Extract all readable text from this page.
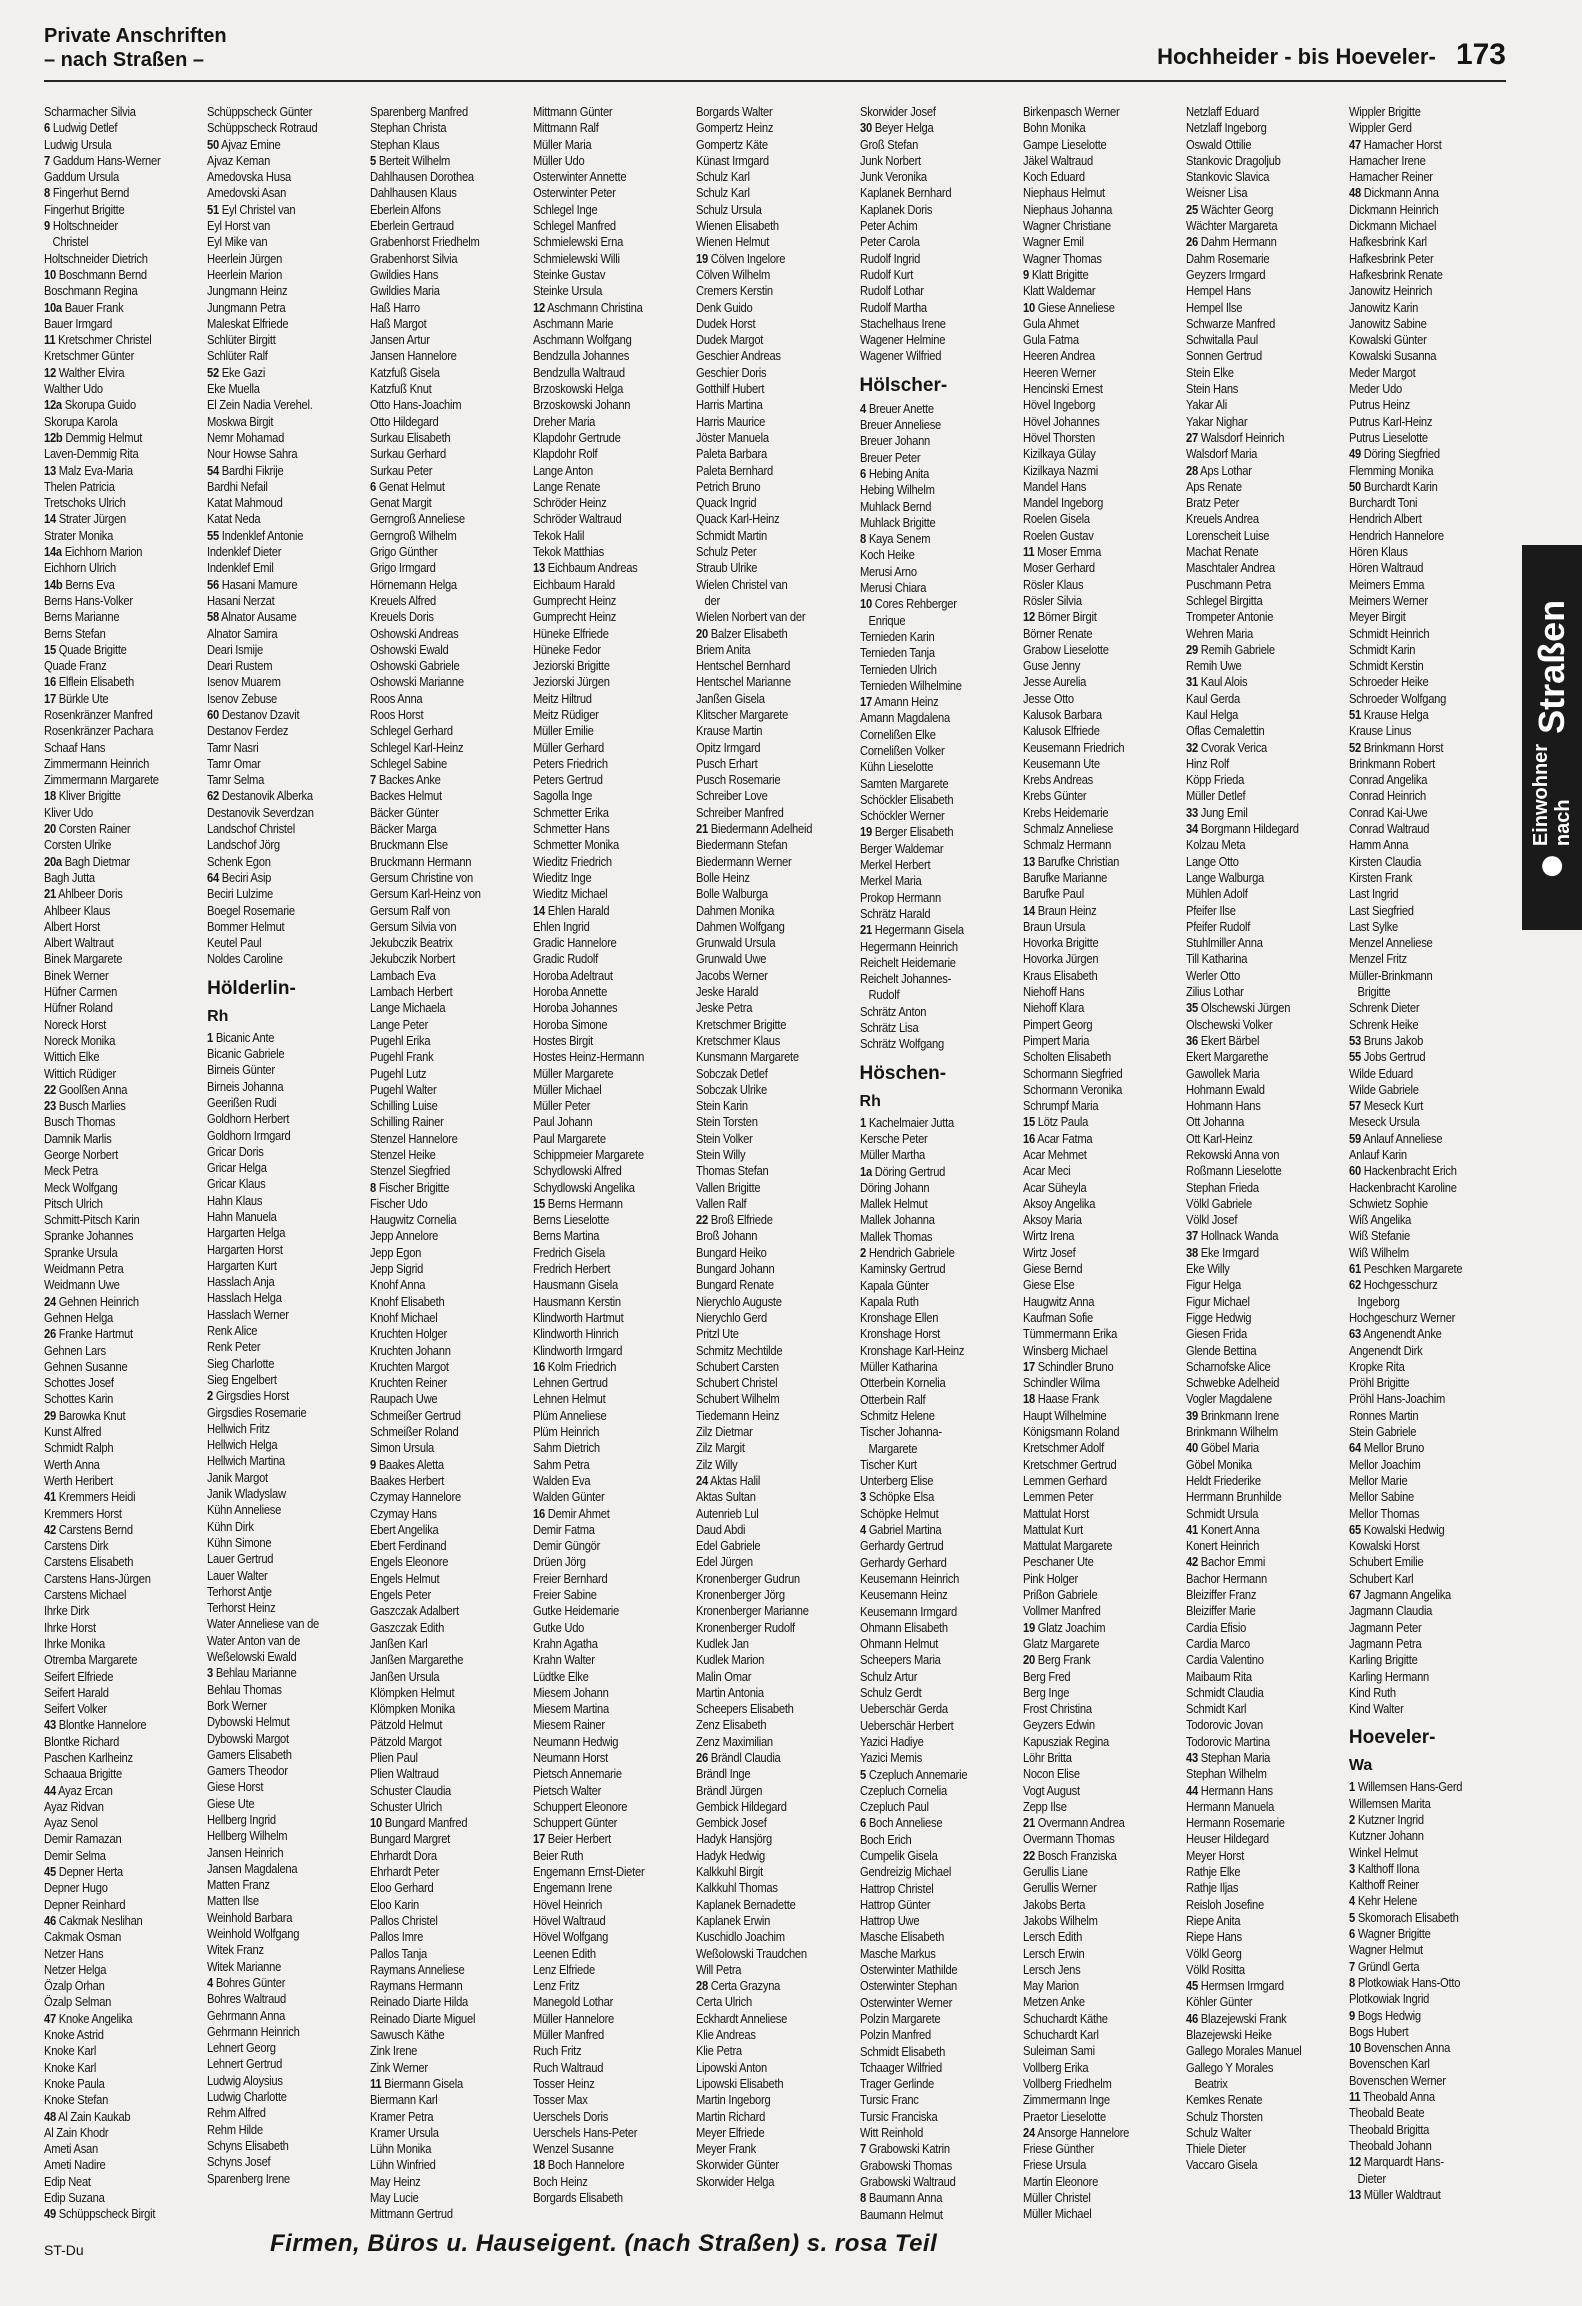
Private Anschriften
– nach Straßen –	Hochheider - bis Hoeveler- 173
Scharmacher Silvia
6 Ludwig Detlef
Ludwig Ursula
7 Gaddum Hans-Werner
Gaddum Ursula
8 Fingerhut Bernd
Fingerhut Brigitte
9 Holtschneider
Christel
Holtschneider Dietrich
10 Boschmann Bernd
Boschmann Regina
10a Bauer Frank
Bauer Irmgard
11 Kretschmer Christel
Kretschmer Günter
12 Walther Elvira
Walther Udo
12a Skorupa Guido
Skorupa Karola
12b Demmig Helmut
Laven-Demmig Rita
13 Malz Eva-Maria
Thelen Patricia
Tretschoks Ulrich
14 Strater Jürgen
Strater Monika
14a Eichhorn Marion
Eichhorn Ulrich
14b Berns Eva
Berns Hans-Volker
Berns Marianne
Berns Stefan
15 Quade Brigitte
Quade Franz
16 Elflein Elisabeth
17 Bürkle Ute
Rosenkränzer Manfred
Rosenkränzer Pachara
Schaaf Hans
Zimmermann Heinrich
Zimmermann Margarete
18 Kliver Brigitte
Kliver Udo
20 Corsten Rainer
Corsten Ulrike
20a Bagh Dietmar
Bagh Jutta
21 Ahlbeer Doris
Ahlbeer Klaus
Albert Horst
Albert Waltraut
Binek Margarete
Binek Werner
Hüfner Carmen
Hüfner Roland
Noreck Horst
Noreck Monika
Wittich Elke
Wittich Rüdiger
22 Goolßen Anna
23 Busch Marlies
Busch Thomas
Damnik Marlis
George Norbert
Meck Petra
Meck Wolfgang
Pitsch Ulrich
Schmitt-Pitsch Karin
Spranke Johannes
Spranke Ursula
Weidmann Petra
Weidmann Uwe
24 Gehnen Heinrich
Gehnen Helga
26 Franke Hartmut
Gehnen Lars
Gehnen Susanne
Schottes Josef
Schottes Karin
29 Barowka Knut
Kunst Alfred
Schmidt Ralph
Werth Anna
Werth Heribert
41 Kremmers Heidi
Kremmers Horst
42 Carstens Bernd
Carstens Dirk
Carstens Elisabeth
Carstens Hans-Jürgen
Carstens Michael
Ihrke Dirk
Ihrke Horst
Ihrke Monika
Otremba Margarete
Seifert Elfriede
Seifert Harald
Seifert Volker
43 Blontke Hannelore
Blontke Richard
Paschen Karlheinz
Schaaua Brigitte
44 Ayaz Ercan
Ayaz Ridvan
Ayaz Senol
Demir Ramazan
Demir Selma
45 Depner Herta
Depner Hugo
Depner Reinhard
46 Cakmak Neslihan
Cakmak Osman
Netzer Hans
Netzer Helga
Özalp Orhan
Özalp Selman
47 Knoke Angelika
Knoke Astrid
Knoke Karl
Knoke Karl
Knoke Paula
Knoke Stefan
48 Al Zain Kaukab
Al Zain Khodr
Ameti Asan
Ameti Nadire
Edip Neat
Edip Suzana
49 Schüppscheck Birgit
Schüppscheck Günter
Schüppscheck Rotraud
50 Ajvaz Emine
Ajvaz Keman
Amedovska Husa
Amedovski Asan
51 Eyl Christel van
Eyl Horst van
Eyl Mike van
Heerlein Jürgen
Heerlein Marion
Jungmann Heinz
Jungmann Petra
Maleskat Elfriede
Schlüter Birgitt
Schlüter Ralf
52 Eke Gazi
Eke Muella
El Zein Nadia Verehel.
Moskwa Birgit
Nemr Mohamad
Nour Howse Sahra
54 Bardhi Fikrije
Bardhi Nefail
Katat Mahmoud
Katat Neda
55 Indenklef Antonie
Indenklef Dieter
Indenklef Emil
56 Hasani Mamure
Hasani Nerzat
58 Alnator Ausame
Alnator Samira
Deari Ismije
Deari Rustem
Isenov Muarem
Isenov Zebuse
60 Destanov Dzavit
Destanov Ferdez
Tamr Nasri
Tamr Omar
Tamr Selma
62 Destanovik Alberka
Destanovik Severdzan
Landschof Christel
Landschof Jörg
Schenk Egon
64 Beciri Asip
Beciri Lulzime
Boegel Rosemarie
Bommer Helmut
Keutel Paul
Noldes Caroline
Hölderlin-
Rh
1 Bicanic Ante
Bicanic Gabriele
Birneis Günter
Birneis Johanna
Geerißen Rudi
Goldhorn Herbert
Goldhorn Irmgard
Gricar Doris
Gricar Helga
Gricar Klaus
Hahn Klaus
Hahn Manuela
Hargarten Helga
Hargarten Horst
Hargarten Kurt
Hasslach Anja
Hasslach Helga
Hasslach Werner
Renk Alice
Renk Peter
Sieg Charlotte
Sieg Engelbert
2 Girgsdies Horst
Girgsdies Rosemarie
Hellwich Fritz
Hellwich Helga
Hellwich Martina
Janik Margot
Janik Wladyslaw
Kühn Anneliese
Kühn Dirk
Kühn Simone
Lauer Gertrud
Lauer Walter
Terhorst Antje
Terhorst Heinz
Water Anneliese van de
Water Anton van de
Weßelowski Ewald
3 Behlau Marianne
Behlau Thomas
Bork Werner
Dybowski Helmut
Dybowski Margot
Gamers Elisabeth
Gamers Theodor
Giese Horst
Giese Ute
Hellberg Ingrid
Hellberg Wilhelm
Jansen Heinrich
Jansen Magdalena
Matten Franz
Matten Ilse
Weinhold Barbara
Weinhold Wolfgang
Witek Franz
Witek Marianne
4 Bohres Günter
Bohres Waltraud
Gehrmann Anna
Gehrmann Heinrich
Lehnert Georg
Lehnert Gertrud
Ludwig Aloysius
Ludwig Charlotte
Rehm Alfred
Rehm Hilde
Schyns Elisabeth
Schyns Josef
Sparenberg Irene
Sparenberg Manfred
Stephan Christa
Stephan Klaus
5 Berteit Wilhelm
Dahlhausen Dorothea
Dahlhausen Klaus
Eberlein Alfons
Eberlein Gertraud
Grabenhorst Friedhelm
Grabenhorst Silvia
Gwildies Hans
Gwildies Maria
Haß Harro
Haß Margot
Jansen Artur
Jansen Hannelore
Katzfuß Gisela
Katzfuß Knut
Otto Hans-Joachim
Otto Hildegard
Surkau Elisabeth
Surkau Gerhard
Surkau Peter
6 Genat Helmut
Genat Margit
Gerngroß Anneliese
Gerngroß Wilhelm
Grigo Günther
Grigo Irmgard
Hörnemann Helga
Kreuels Alfred
Kreuels Doris
Oshowski Andreas
Oshowski Ewald
Oshowski Gabriele
Oshowski Marianne
Roos Anna
Roos Horst
Schlegel Gerhard
Schlegel Karl-Heinz
Schlegel Sabine
7 Backes Anke
Backes Helmut
Bäcker Günter
Bäcker Marga
Bruckmann Else
Bruckmann Hermann
Gersum Christine von
Gersum Karl-Heinz von
Gersum Ralf von
Gersum Silvia von
Jekubczik Beatrix
Jekubczik Norbert
Lambach Eva
Lambach Herbert
Lange Michaela
Lange Peter
Pugehl Erika
Pugehl Frank
Pugehl Lutz
Pugehl Walter
Schilling Luise
Schilling Rainer
Stenzel Hannelore
Stenzel Heike
Stenzel Siegfried
8 Fischer Brigitte
Fischer Udo
Haugwitz Cornelia
Jepp Annelore
Jepp Egon
Jepp Sigrid
Knohf Anna
Knohf Elisabeth
Knohf Michael
Kruchten Holger
Kruchten Johann
Kruchten Margot
Kruchten Reiner
Raupach Uwe
Schmeißer Gertrud
Schmeißer Roland
Simon Ursula
9 Baakes Aletta
Baakes Herbert
Czymay Hannelore
Czymay Hans
Ebert Angelika
Ebert Ferdinand
Engels Eleonore
Engels Helmut
Engels Peter
Gaszczak Adalbert
Gaszczak Edith
Janßen Karl
Janßen Margarethe
Janßen Ursula
Klömpken Helmut
Klömpken Monika
Pätzold Helmut
Pätzold Margot
Plien Paul
Plien Waltraud
Schuster Claudia
Schuster Ulrich
10 Bungard Manfred
Bungard Margret
Ehrhardt Dora
Ehrhardt Peter
Eloo Gerhard
Eloo Karin
Pallos Christel
Pallos Imre
Pallos Tanja
Raymans Anneliese
Raymans Hermann
Reinado Diarte Hilda
Reinado Diarte Miguel
Sawusch Käthe
Zink Irene
Zink Werner
11 Biermann Gisela
Biermann Karl
Kramer Petra
Kramer Ursula
Lühn Monika
Lühn Winfried
May Heinz
May Lucie
Mittmann Gertrud
Mittmann Günter
Mittmann Ralf
Müller Maria
Müller Udo
Osterwinter Annette
Osterwinter Peter
Schlegel Inge
Schlegel Manfred
Schmielewski Erna
Schmielewski Willi
Steinke Gustav
Steinke Ursula
12 Aschmann Christina
Aschmann Marie
Aschmann Wolfgang
Bendzulla Johannes
Bendzulla Waltraud
Brzoskowski Helga
Brzoskowski Johann
Dreher Maria
Klapdohr Gertrude
Klapdohr Rolf
Lange Anton
Lange Renate
Schröder Heinz
Schröder Waltraud
Tekok Halil
Tekok Matthias
13 Eichbaum Andreas
Eichbaum Harald
Gumprecht Heinz
Gumprecht Heinz
Hüneke Elfriede
Hüneke Fedor
Jeziorski Brigitte
Jeziorski Jürgen
Meitz Hiltrud
Meitz Rüdiger
Müller Emilie
Müller Gerhard
Peters Friedrich
Peters Gertrud
Sagolla Inge
Schmetter Erika
Schmetter Hans
Schmetter Monika
Wieditz Friedrich
Wieditz Inge
Wieditz Michael
14 Ehlen Harald
Ehlen Ingrid
Gradic Hannelore
Gradic Rudolf
Horoba Adeltraut
Horoba Annette
Horoba Johannes
Horoba Simone
Hostes Birgit
Hostes Heinz-Hermann
Müller Margarete
Müller Michael
Müller Peter
Paul Johann
Paul Margarete
Schippmeier Margarete
Schydlowski Alfred
Schydlowski Angelika
15 Berns Hermann
Berns Lieselotte
Berns Martina
Fredrich Gisela
Fredrich Herbert
Hausmann Gisela
Hausmann Kerstin
Klindworth Hartmut
Klindworth Hinrich
Klindworth Irmgard
16 Kolm Friedrich
Lehnen Gertrud
Lehnen Helmut
Plüm Anneliese
Plüm Heinrich
Sahm Dietrich
Sahm Petra
Walden Eva
Walden Günter
16 Demir Ahmet
Demir Fatma
Demir Güngör
Drüen Jörg
Freier Bernhard
Freier Sabine
Gutke Heidemarie
Gutke Udo
Krahn Agatha
Krahn Walter
Lüdtke Elke
Miesem Johann
Miesem Martina
Miesem Rainer
Neumann Hedwig
Neumann Horst
Pietsch Annemarie
Pietsch Walter
Schuppert Eleonore
Schuppert Günter
17 Beier Herbert
Beier Ruth
Engemann Ernst-Dieter
Engemann Irene
Hövel Heinrich
Hövel Waltraud
Hövel Wolfgang
Leenen Edith
Lenz Elfriede
Lenz Fritz
Manegold Lothar
Müller Hannelore
Müller Manfred
Ruch Fritz
Ruch Waltraud
Tosser Heinz
Tosser Max
Uerschels Doris
Uerschels Hans-Peter
Wenzel Susanne
18 Boch Hannelore
Boch Heinz
Borgards Elisabeth
Borgards Walter
Gompertz Heinz
Gompertz Käte
Künast Irmgard
Schulz Karl
Schulz Karl
Schulz Ursula
Wienen Elisabeth
Wienen Helmut
19 Cölven Ingelore
Cölven Wilhelm
Cremers Kerstin
Denk Guido
Dudek Horst
Dudek Margot
Geschier Andreas
Geschier Doris
Gotthilf Hubert
Harris Martina
Harris Maurice
Jöster Manuela
Paleta Barbara
Paleta Bernhard
Petrich Bruno
Quack Ingrid
Quack Karl-Heinz
Schmidt Martin
Schulz Peter
Straub Ulrike
Wielen Christel van
der
Wielen Norbert van der
20 Balzer Elisabeth
Briem Anita
Hentschel Bernhard
Hentschel Marianne
Janßen Gisela
Klitscher Margarete
Krause Martin
Opitz Irmgard
Pusch Erhart
Pusch Rosemarie
Schreiber Love
Schreiber Manfred
21 Biedermann Adelheid
Biedermann Stefan
Biedermann Werner
Bolle Heinz
Bolle Walburga
Dahmen Monika
Dahmen Wolfgang
Grunwald Ursula
Grunwald Uwe
Jacobs Werner
Jeske Harald
Jeske Petra
Kretschmer Brigitte
Kretschmer Klaus
Kunsmann Margarete
Sobczak Detlef
Sobczak Ulrike
Stein Karin
Stein Torsten
Stein Volker
Stein Willy
Thomas Stefan
Vallen Brigitte
Vallen Ralf
22 Broß Elfriede
Broß Johann
Bungard Heiko
Bungard Johann
Bungard Renate
Nierychlo Auguste
Nierychlo Gerd
Pritzl Ute
Schmitz Mechtilde
Schubert Carsten
Schubert Christel
Schubert Wilhelm
Tiedemann Heinz
Zilz Dietmar
Zilz Margit
Zilz Willy
24 Aktas Halil
Aktas Sultan
Autenrieb Lul
Daud Abdi
Edel Gabriele
Edel Jürgen
Kronenberger Gudrun
Kronenberger Jörg
Kronenberger Marianne
Kronenberger Rudolf
Kudlek Jan
Kudlek Marion
Malin Omar
Martin Antonia
Scheepers Elisabeth
Zenz Elisabeth
Zenz Maximilian
26 Brändl Claudia
Brändl Inge
Brändl Jürgen
Gembick Hildegard
Gembick Josef
Hadyk Hansjörg
Hadyk Hedwig
Kalkkuhl Birgit
Kalkkuhl Thomas
Kaplanek Bernadette
Kaplanek Erwin
Kuschidlo Joachim
Weßolowski Traudchen
Will Petra
28 Certa Grazyna
Certa Ulrich
Eckhardt Anneliese
Klie Andreas
Klie Petra
Lipowski Anton
Lipowski Elisabeth
Martin Ingeborg
Martin Richard
Meyer Elfriede
Meyer Frank
Skorwider Günter
Skorwider Helga
Skorwider Josef
30 Beyer Helga
Groß Stefan
Junk Norbert
Junk Veronika
Kaplanek Bernhard
Kaplanek Doris
Peter Achim
Peter Carola
Rudolf Ingrid
Rudolf Kurt
Rudolf Lothar
Rudolf Martha
Stachelhaus Irene
Wagener Helmine
Wagener Wilfried
Hölscher-
4 Breuer Anette
Breuer Anneliese
Breuer Johann
Breuer Peter
6 Hebing Anita
Hebing Wilhelm
Muhlack Bernd
Muhlack Brigitte
8 Kaya Senem
Koch Heike
Merusi Arno
Merusi Chiara
10 Cores Rehberger
Enrique
Ternieden Karin
Ternieden Tanja
Ternieden Ulrich
Ternieden Wilhelmine
17 Amann Heinz
Amann Magdalena
Cornelißen Elke
Cornelißen Volker
Kühn Lieselotte
Samten Margarete
Schöckler Elisabeth
Schöckler Werner
19 Berger Elisabeth
Berger Waldemar
Merkel Herbert
Merkel Maria
Prokop Hermann
Schrätz Harald
21 Hegermann Gisela
Hegermann Heinrich
Reichelt Heidemarie
Reichelt Johannes-
Rudolf
Schrätz Anton
Schrätz Lisa
Schrätz Wolfgang
Höschen-
Rh
1 Kachelmaier Jutta
Kersche Peter
Müller Martha
1a Döring Gertrud
Döring Johann
Mallek Helmut
Mallek Johanna
Mallek Thomas
2 Hendrich Gabriele
Kaminsky Gertrud
Kapala Günter
Kapala Ruth
Kronshage Ellen
Kronshage Horst
Kronshage Karl-Heinz
Müller Katharina
Otterbein Kornelia
Otterbein Ralf
Schmitz Helene
Tischer Johanna-
Margarete
Tischer Kurt
Unterberg Elise
3 Schöpke Elsa
Schöpke Helmut
4 Gabriel Martina
Gerhardy Gertrud
Gerhardy Gerhard
Keusemann Heinrich
Keusemann Heinz
Keusemann Irmgard
Ohmann Elisabeth
Ohmann Helmut
Scheepers Maria
Schulz Artur
Schulz Gerdt
Ueberschär Gerda
Ueberschär Herbert
Yazici Hadiye
Yazici Memis
5 Czepluch Annemarie
Czepluch Cornelia
Czepluch Paul
6 Boch Anneliese
Boch Erich
Cumpelik Gisela
Gendreizig Michael
Hattrop Christel
Hattrop Günter
Hattrop Uwe
Masche Elisabeth
Masche Markus
Osterwinter Mathilde
Osterwinter Stephan
Osterwinter Werner
Polzin Margarete
Polzin Manfred
Schmidt Elisabeth
Tchaager Wilfried
Trager Gerlinde
Tursic Franc
Tursic Franciska
Witt Reinhold
7 Grabowski Katrin
Grabowski Thomas
Grabowski Waltraud
8 Baumann Anna
Baumann Helmut
Birkenpasch Werner
Bohn Monika
Gampe Lieselotte
Jäkel Waltraud
Koch Eduard
Niephaus Helmut
Niephaus Johanna
Wagner Christiane
Wagner Emil
Wagner Thomas
9 Klatt Brigitte
Klatt Waldemar
10 Giese Anneliese
Gula Ahmet
Gula Fatma
Heeren Andrea
Heeren Werner
Hencinski Ernest
Hövel Ingeborg
Hövel Johannes
Hövel Thorsten
Kizilkaya Gülay
Kizilkaya Nazmi
Mandel Hans
Mandel Ingeborg
Roelen Gisela
Roelen Gustav
11 Moser Emma
Moser Gerhard
Rösler Klaus
Rösler Silvia
12 Börner Birgit
Börner Renate
Grabow Lieselotte
Guse Jenny
Jesse Aurelia
Jesse Otto
Kalusok Barbara
Kalusok Elfriede
Keusemann Friedrich
Keusemann Ute
Krebs Andreas
Krebs Günter
Krebs Heidemarie
Schmalz Anneliese
Schmalz Hermann
13 Barufke Christian
Barufke Marianne
Barufke Paul
14 Braun Heinz
Braun Ursula
Hovorka Brigitte
Hovorka Jürgen
Kraus Elisabeth
Niehoff Hans
Niehoff Klara
Pimpert Georg
Pimpert Maria
Scholten Elisabeth
Schormann Siegfried
Schormann Veronika
Schrumpf Maria
15 Lötz Paula
16 Acar Fatma
Acar Mehmet
Acar Meci
Acar Süheyla
Aksoy Angelika
Aksoy Maria
Wirtz Irena
Wirtz Josef
Giese Bernd
Giese Else
Haugwitz Anna
Kaufman Sofie
Tümmermann Erika
Winsberg Michael
17 Schindler Bruno
Schindler Wilma
18 Haase Frank
Haupt Wilhelmine
Königsmann Roland
Kretschmer Adolf
Kretschmer Gertrud
Lemmen Gerhard
Lemmen Peter
Mattulat Horst
Mattulat Kurt
Mattulat Margarete
Peschaner Ute
Pink Holger
Prißon Gabriele
Vollmer Manfred
19 Glatz Joachim
Glatz Margarete
20 Berg Frank
Berg Fred
Berg Inge
Frost Christina
Geyzers Edwin
Kapusziak Regina
Löhr Britta
Nocon Elise
Vogt August
Zepp Ilse
21 Overmann Andrea
Overmann Thomas
22 Bosch Franziska
Gerullis Liane
Gerullis Werner
Jakobs Berta
Jakobs Wilhelm
Lersch Edith
Lersch Erwin
Lersch Jens
May Marion
Metzen Anke
Schuchardt Käthe
Schuchardt Karl
Suleiman Sami
Vollberg Erika
Vollberg Friedhelm
Zimmermann Inge
Praetor Lieselotte
24 Ansorge Hannelore
Friese Günther
Friese Ursula
Martin Eleonore
Müller Christel
Müller Michael
Netzlaff Eduard
Netzlaff Ingeborg
Oswald Ottilie
Stankovic Dragoljub
Stankovic Slavica
Weisner Lisa
25 Wächter Georg
Wächter Margareta
26 Dahm Hermann
Dahm Rosemarie
Geyzers Irmgard
Hempel Hans
Hempel Ilse
Schwarze Manfred
Schwitalla Paul
Sonnen Gertrud
Stein Elke
Stein Hans
Yakar Ali
Yakar Nighar
27 Walsdorf Heinrich
Walsdorf Maria
28 Aps Lothar
Aps Renate
Bratz Peter
Kreuels Andrea
Lorenscheit Luise
Machat Renate
Maschtaler Andrea
Puschmann Petra
Schlegel Birgitta
Trompeter Antonie
Wehren Maria
29 Remih Gabriele
Remih Uwe
31 Kaul Alois
Kaul Gerda
Kaul Helga
Oflas Cemalettin
32 Cvorak Verica
Hinz Rolf
Köpp Frieda
Müller Detlef
33 Jung Emil
34 Borgmann Hildegard
Kolzau Meta
Lange Otto
Lange Walburga
Mühlen Adolf
Pfeifer Ilse
Pfeifer Rudolf
Stuhlmiller Anna
Till Katharina
Werler Otto
Zilius Lothar
35 Olschewski Jürgen
Olschewski Volker
36 Ekert Bärbel
Ekert Margarethe
Gawollek Maria
Hohmann Ewald
Hohmann Hans
Ott Johanna
Ott Karl-Heinz
Rekowski Anna von
Roßmann Lieselotte
Stephan Frieda
Völkl Gabriele
Völkl Josef
37 Hollnack Wanda
38 Eke Irmgard
Eke Willy
Figur Helga
Figur Michael
Figge Hedwig
Giesen Frida
Glende Bettina
Scharnofske Alice
Schwebke Adelheid
Vogler Magdalene
39 Brinkmann Irene
Brinkmann Wilhelm
40 Göbel Maria
Göbel Monika
Heldt Friederike
Herrmann Brunhilde
Schmidt Ursula
41 Konert Anna
Konert Heinrich
42 Bachor Emmi
Bachor Hermann
Bleiziffer Franz
Bleiziffer Marie
Cardia Efisio
Cardia Marco
Cardia Valentino
Maibaum Rita
Schmidt Claudia
Schmidt Karl
Todorovic Jovan
Todorovic Martina
43 Stephan Maria
Stephan Wilhelm
44 Hermann Hans
Hermann Manuela
Hermann Rosemarie
Heuser Hildegard
Meyer Horst
Rathje Elke
Rathje Iljas
Reisloh Josefine
Riepe Anita
Riepe Hans
Völkl Georg
Völkl Rositta
45 Hermsen Irmgard
Köhler Günter
46 Blazejewski Frank
Blazejewski Heike
Gallego Morales Manuel
Gallego Y Morales
Beatrix
Kemkes Renate
Schulz Thorsten
Schulz Walter
Thiele Dieter
Vaccaro Gisela
Wippler Brigitte
Wippler Gerd
47 Hamacher Horst
Hamacher Irene
Hamacher Reiner
48 Dickmann Anna
Dickmann Heinrich
Dickmann Michael
Hafkesbrink Karl
Hafkesbrink Peter
Hafkesbrink Renate
Janowitz Heinrich
Janowitz Karin
Janowitz Sabine
Kowalski Günter
Kowalski Susanna
Meder Margot
Meder Udo
Putrus Heinz
Putrus Karl-Heinz
Putrus Lieselotte
49 Döring Siegfried
Flemming Monika
50 Burchardt Karin
Burchardt Toni
Hendrich Albert
Hendrich Hannelore
Hören Klaus
Hören Waltraud
Meimers Emma
Meimers Werner
Meyer Birgit
Schmidt Heinrich
Schmidt Karin
Schmidt Kerstin
Schroeder Heike
Schroeder Wolfgang
51 Krause Helga
Krause Linus
52 Brinkmann Horst
Brinkmann Robert
Conrad Angelika
Conrad Heinrich
Conrad Kai-Uwe
Conrad Waltraud
Hamm Anna
Kirsten Claudia
Kirsten Frank
Last Ingrid
Last Siegfried
Last Sylke
Menzel Anneliese
Menzel Fritz
Müller-Brinkmann
Brigitte
Schrenk Dieter
Schrenk Heike
53 Bruns Jakob
55 Jobs Gertrud
Wilde Eduard
Wilde Gabriele
57 Meseck Kurt
Meseck Ursula
59 Anlauf Anneliese
Anlauf Karin
60 Hackenbracht Erich
Hackenbracht Karoline
Schwietz Sophie
Wiß Angelika
Wiß Stefanie
Wiß Wilhelm
61 Peschken Margarete
62 Hochgesschurz
Ingeborg
Hochgeschurz Werner
63 Angenendt Anke
Angenendt Dirk
Kropke Rita
Pröhl Brigitte
Pröhl Hans-Joachim
Ronnes Martin
Stein Gabriele
64 Mellor Bruno
Mellor Joachim
Mellor Marie
Mellor Sabine
Mellor Thomas
65 Kowalski Hedwig
Kowalski Horst
Schubert Emilie
Schubert Karl
67 Jagmann Angelika
Jagmann Claudia
Jagmann Peter
Jagmann Petra
Karling Brigitte
Karling Hermann
Kind Ruth
Kind Walter
Hoeveler-
Wa
1 Willemsen Hans-Gerd
Willemsen Marita
2 Kutzner Ingrid
Kutzner Johann
Winkel Helmut
3 Kalthoff Ilona
Kalthoff Reiner
4 Kehr Helene
5 Skomorach Elisabeth
6 Wagner Brigitte
Wagner Helmut
7 Gründl Gerta
8 Plotkowiak Hans-Otto
Plotkowiak Ingrid
9 Bogs Hedwig
Bogs Hubert
10 Bovenschen Anna
Bovenschen Karl
Bovenschen Werner
11 Theobald Anna
Theobald Beate
Theobald Brigitta
Theobald Johann
12 Marquardt Hans-
Dieter
13 Müller Waldtraut
Einwohner nach
Straßen
ST-Du	Firmen, Büros u. Hauseigent. (nach Straßen) s. rosa Teil
